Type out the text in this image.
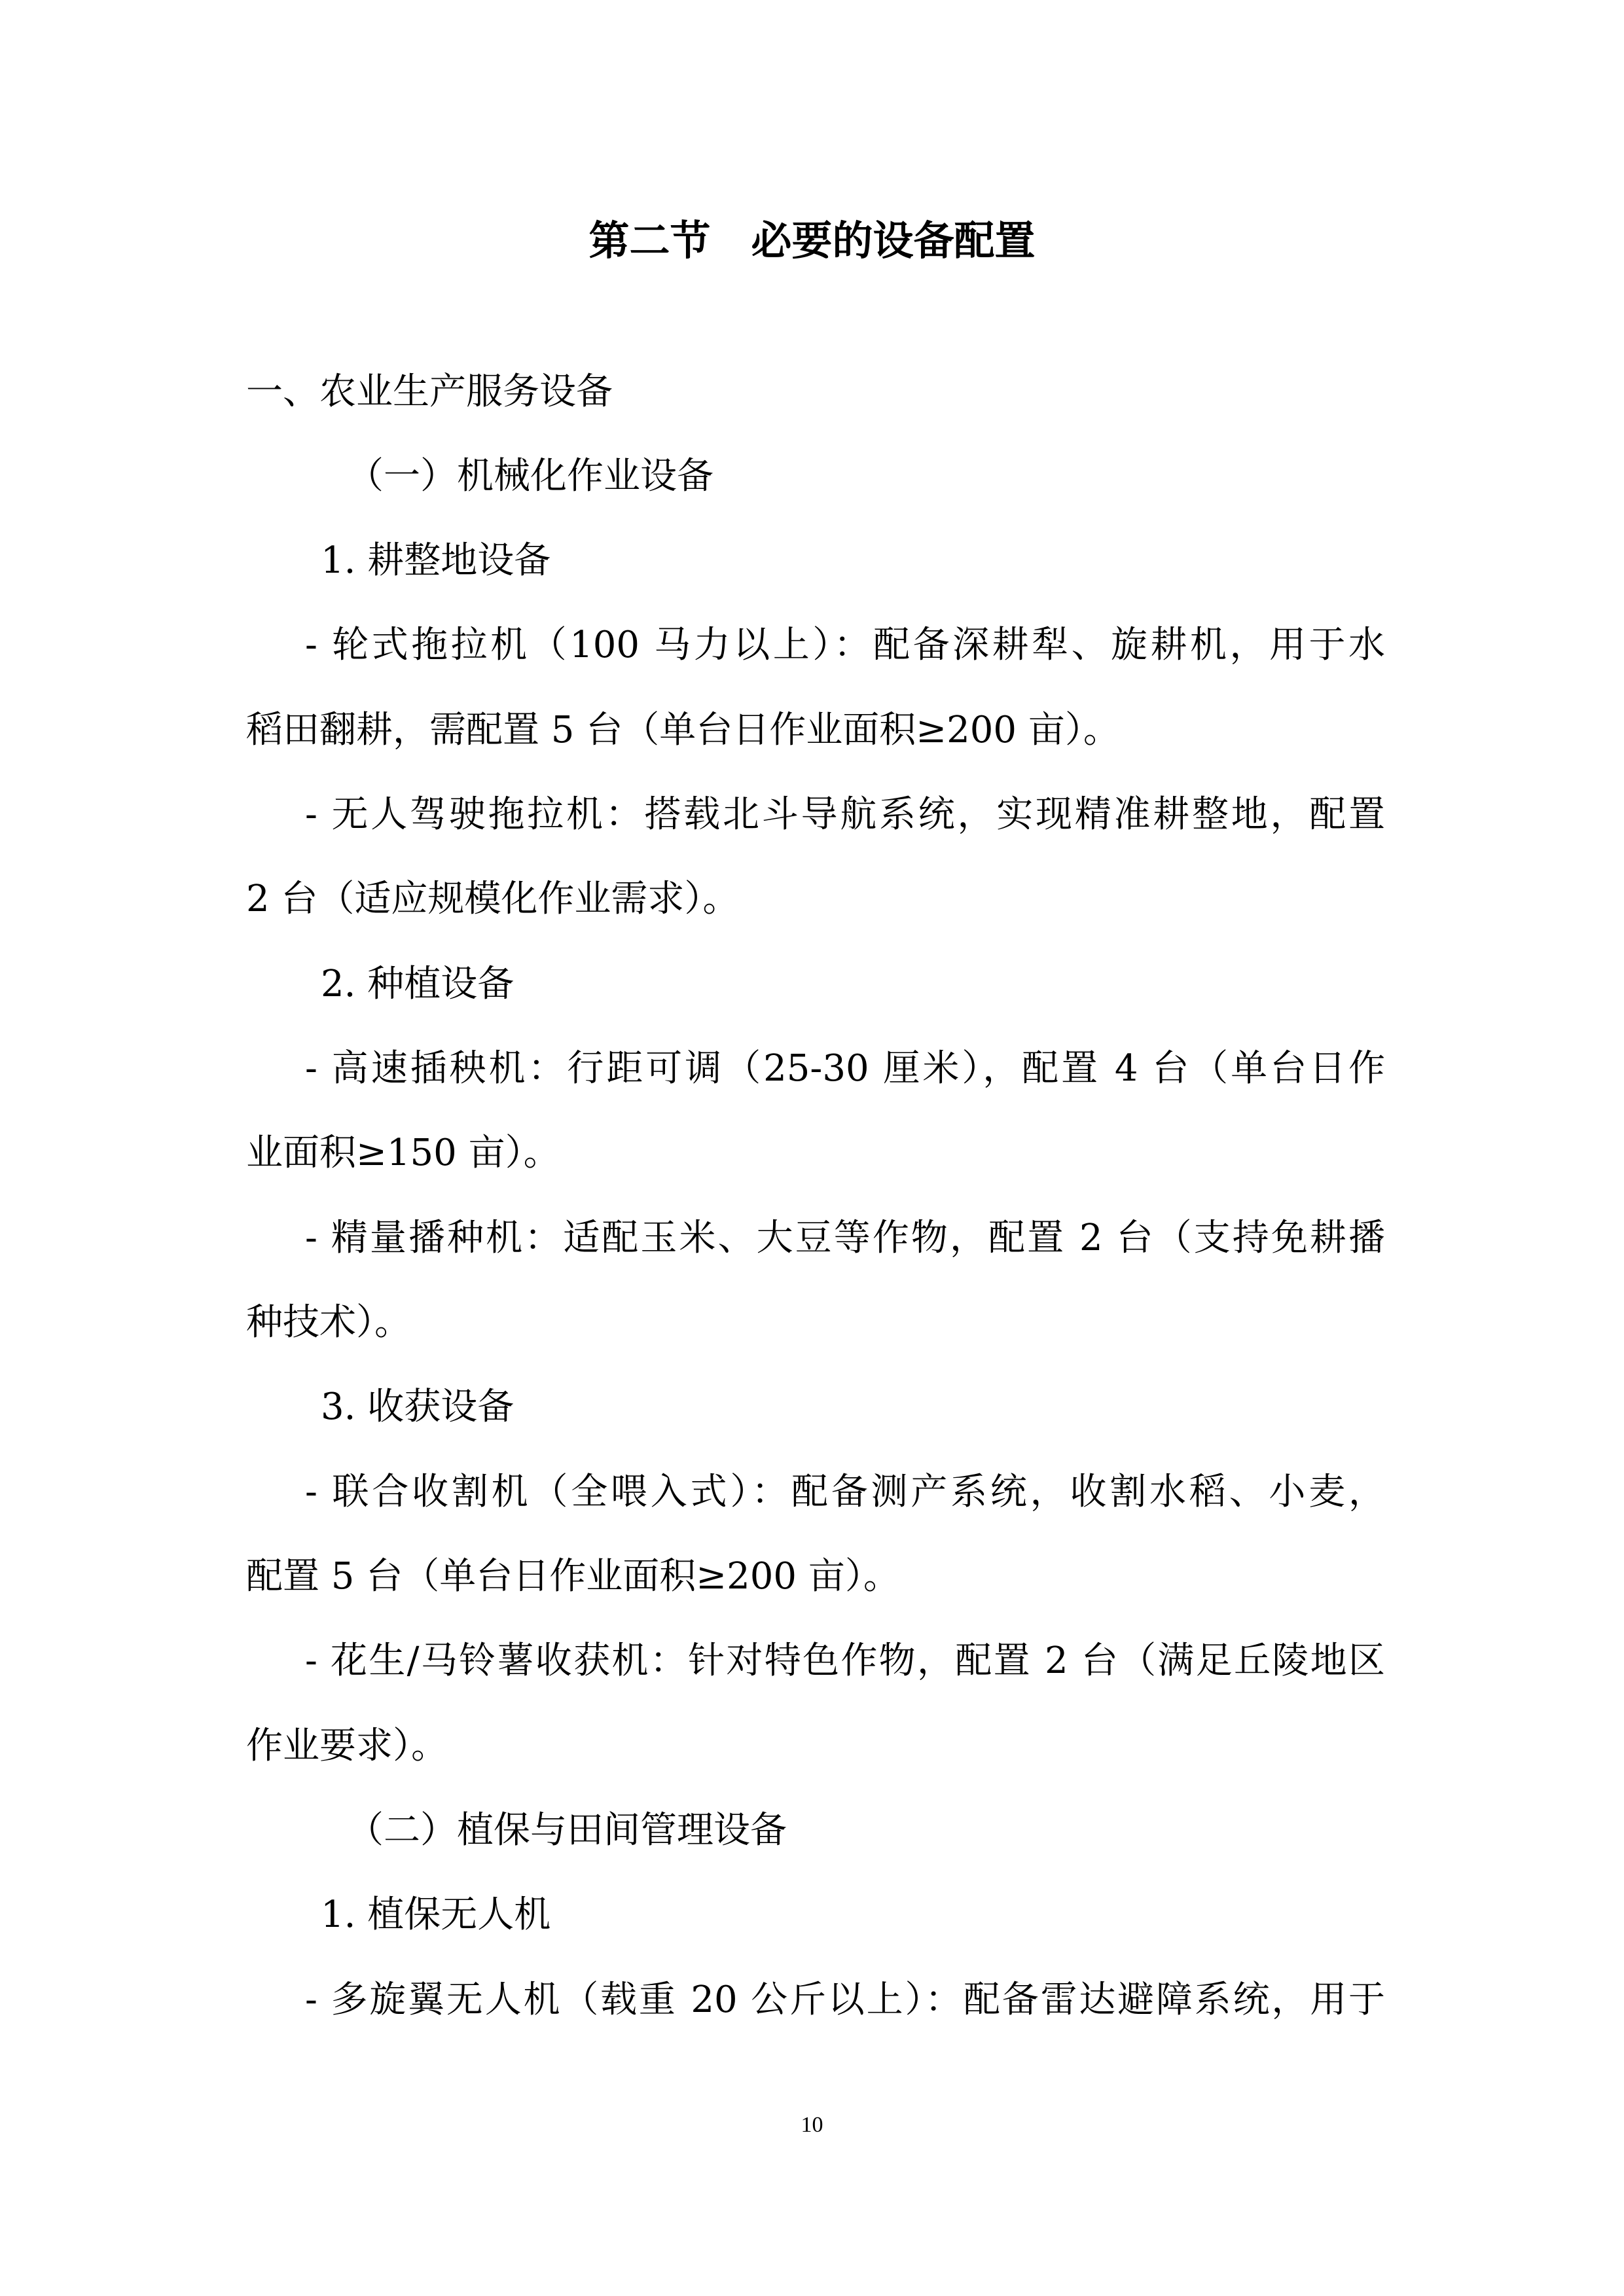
第二节　必要的设备配置
一、农业生产服务设备
（一）机械化作业设备
1. 耕整地设备
- 轮式拖拉机（100 马力以上）：配备深耕犁、旋耕机，用于水
稻田翻耕，需配置 5 台（单台日作业面积≥200 亩）。
- 无人驾驶拖拉机：搭载北斗导航系统，实现精准耕整地，配置
2 台（适应规模化作业需求）。
2. 种植设备
- 高速插秧机：行距可调（25-30 厘米），配置 4 台（单台日作
业面积≥150 亩）。
- 精量播种机：适配玉米、大豆等作物，配置 2 台（支持免耕播
种技术）。
3. 收获设备
- 联合收割机（全喂入式）：配备测产系统，收割水稻、小麦，
配置 5 台（单台日作业面积≥200 亩）。
- 花生/马铃薯收获机：针对特色作物，配置 2 台（满足丘陵地区
作业要求）。
（二）植保与田间管理设备
1. 植保无人机
- 多旋翼无人机（载重 20 公斤以上）：配备雷达避障系统，用于
10
